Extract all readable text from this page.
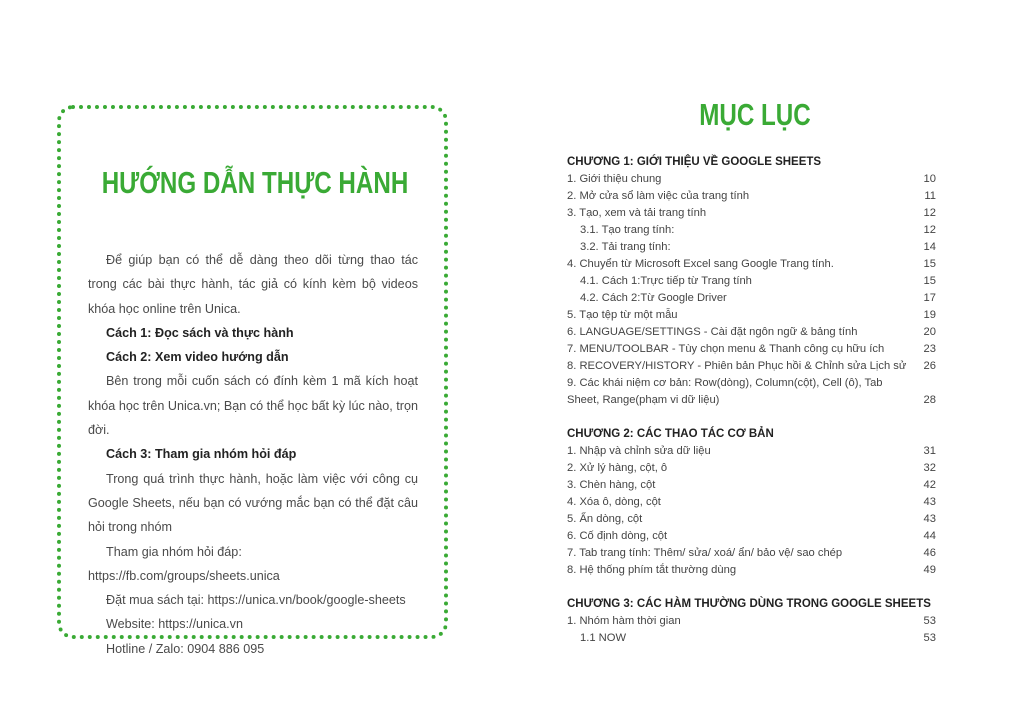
HƯỚNG DẪN THỰC HÀNH

Để giúp bạn có thể dễ dàng theo dõi từng thao tác trong các bài thực hành, tác giả có kính kèm bộ videos khóa học online trên Unica.

Cách 1: Đọc sách và thực hành

Cách 2: Xem video hướng dẫn

Bên trong mỗi cuốn sách có đính kèm 1 mã kích hoạt khóa học trên Unica.vn; Bạn có thể học bất kỳ lúc nào, trọn đời.

Cách 3: Tham gia nhóm hỏi đáp

Trong quá trình thực hành, hoặc làm việc với công cụ Google Sheets, nếu bạn có vướng mắc bạn có thể đặt câu hỏi trong nhóm

Tham gia nhóm hỏi đáp: https://fb.com/groups/sheets.unica

Đặt mua sách tại: https://unica.vn/book/google-sheets

Website: https://unica.vn

Hotline / Zalo: 0904 886 095

MỤC LỤC
CHƯƠNG 1: GIỚI THIỆU VỀ GOOGLE SHEETS
1. Giới thiệu chung	10
2. Mở cửa sổ làm việc của trang tính	11
3. Tạo, xem và tải trang tính	12
3.1. Tạo trang tính:	12
3.2. Tải trang tính:	14
4. Chuyển từ Microsoft Excel sang Google Trang tính.	15
4.1. Cách 1:Trực tiếp từ Trang tính	15
4.2. Cách 2:Từ Google Driver	17
5. Tạo tệp từ một mẫu	19
6. LANGUAGE/SETTINGS - Cài đặt ngôn ngữ & bảng tính	20
7. MENU/TOOLBAR - Tùy chọn menu & Thanh công cụ hữu ích	23
8. RECOVERY/HISTORY - Phiên bản Phục hồi & Chỉnh sửa Lịch sử 26
9. Các khái niệm cơ bản: Row(dòng), Column(cột), Cell (ô), Tab Sheet, Range(phạm vi dữ liệu)	28
CHƯƠNG 2: CÁC THAO TÁC CƠ BẢN
1. Nhập và chỉnh sửa dữ liệu	31
2. Xử lý hàng, cột, ô	32
3. Chèn hàng, cột	42
4. Xóa ô, dòng, cột	43
5. Ẩn dòng, cột	43
6. Cố định dòng, cột	44
7. Tab trang tính: Thêm/ sửa/ xoá/ ẩn/ bảo vệ/ sao chép	46
8. Hệ thống phím tắt thường dùng	49
CHƯƠNG 3: CÁC HÀM THƯỜNG DÙNG TRONG GOOGLE SHEETS
1. Nhóm hàm thời gian	53
1.1 NOW	53
